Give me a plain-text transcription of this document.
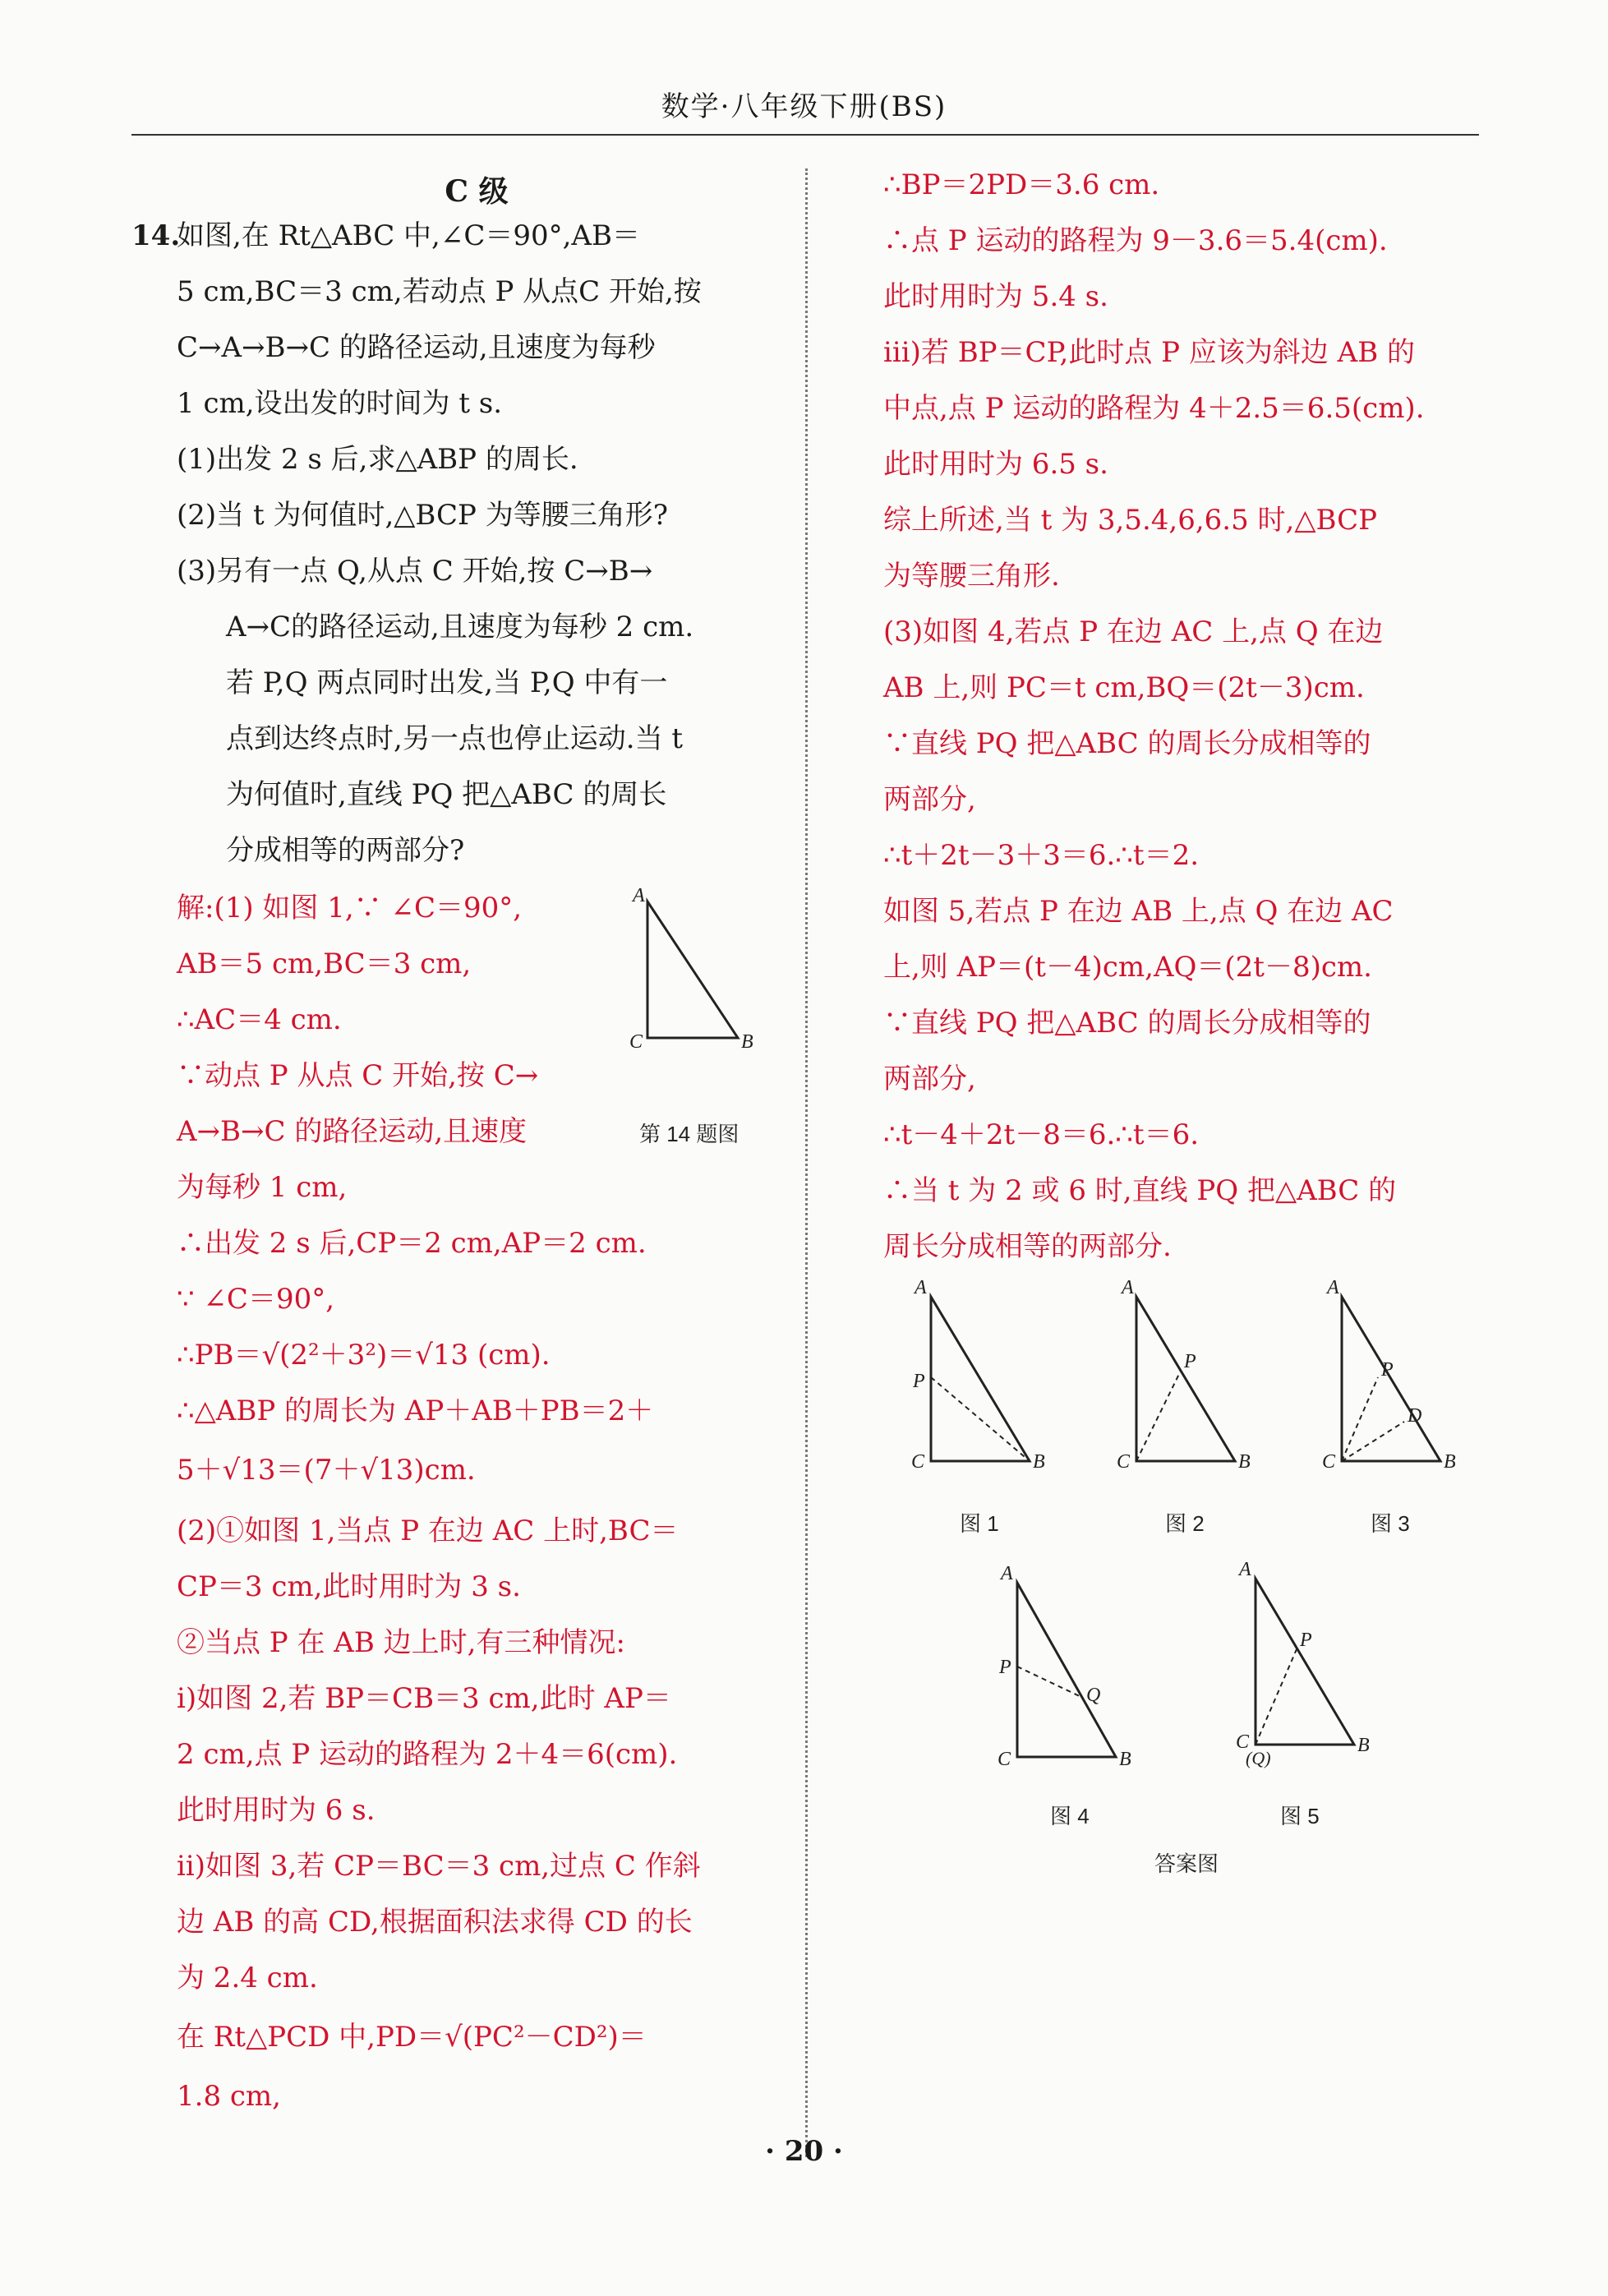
数学·八年级下册(BS)
C 级
14.
如图,在 Rt△ABC 中,∠C＝90°,AB＝
5 cm,BC＝3 cm,若动点 P 从点C 开始,按
C→A→B→C 的路径运动,且速度为每秒
1 cm,设出发的时间为 t s.
(1)出发 2 s 后,求△ABP 的周长.
(2)当 t 为何值时,△BCP 为等腰三角形?
(3)另有一点 Q,从点 C 开始,按 C→B→
A→C的路径运动,且速度为每秒 2 cm.
若 P,Q 两点同时出发,当 P,Q 中有一
点到达终点时,另一点也停止运动.当 t
为何值时,直线 PQ 把△ABC 的周长
分成相等的两部分?
解:(1) 如图 1,∵ ∠C＝90°,
AB＝5 cm,BC＝3 cm,
∴AC＝4 cm.
∵动点 P 从点 C 开始,按 C→
A→B→C 的路径运动,且速度
为每秒 1 cm,
∴出发 2 s 后,CP＝2 cm,AP＝2 cm.
∵ ∠C＝90°,
∴PB＝√(2²＋3²)＝√13 (cm).
∴△ABP 的周长为 AP＋AB＋PB＝2＋
5＋√13＝(7＋√13)cm.
(2)①如图 1,当点 P 在边 AC 上时,BC＝
CP＝3 cm,此时用时为 3 s.
②当点 P 在 AB 边上时,有三种情况:
i)如图 2,若 BP＝CB＝3 cm,此时 AP＝
2 cm,点 P 运动的路程为 2＋4＝6(cm).
此时用时为 6 s.
ii)如图 3,若 CP＝BC＝3 cm,过点 C 作斜
边 AB 的高 CD,根据面积法求得 CD 的长
为 2.4 cm.
在 Rt△PCD 中,PD＝√(PC²－CD²)＝
1.8 cm,
A
C	B
第 14 题图
∴BP＝2PD＝3.6 cm.
∴点 P 运动的路程为 9－3.6＝5.4(cm).
此时用时为 5.4 s.
ⅲ)若 BP＝CP,此时点 P 应该为斜边 AB 的
中点,点 P 运动的路程为 4＋2.5＝6.5(cm).
此时用时为 6.5 s.
综上所述,当 t 为 3,5.4,6,6.5 时,△BCP
为等腰三角形.
(3)如图 4,若点 P 在边 AC 上,点 Q 在边
AB 上,则 PC＝t cm,BQ＝(2t－3)cm.
∵直线 PQ 把△ABC 的周长分成相等的
两部分,
∴t＋2t－3＋3＝6.∴t＝2.
如图 5,若点 P 在边 AB 上,点 Q 在边 AC
上,则 AP＝(t－4)cm,AQ＝(2t－8)cm.
∵直线 PQ 把△ABC 的周长分成相等的
两部分,
∴t－4＋2t－8＝6.∴t＝6.
∴当 t 为 2 或 6 时,直线 PQ 把△ABC 的
周长分成相等的两部分.
A
P
C	B
图 1
A
P
C	B
图 2
A
P
D
C	B
图 3
A
P
Q
C	B
图 4
A
P
C
(Q)
B
图 5
答案图
· 20 ·
